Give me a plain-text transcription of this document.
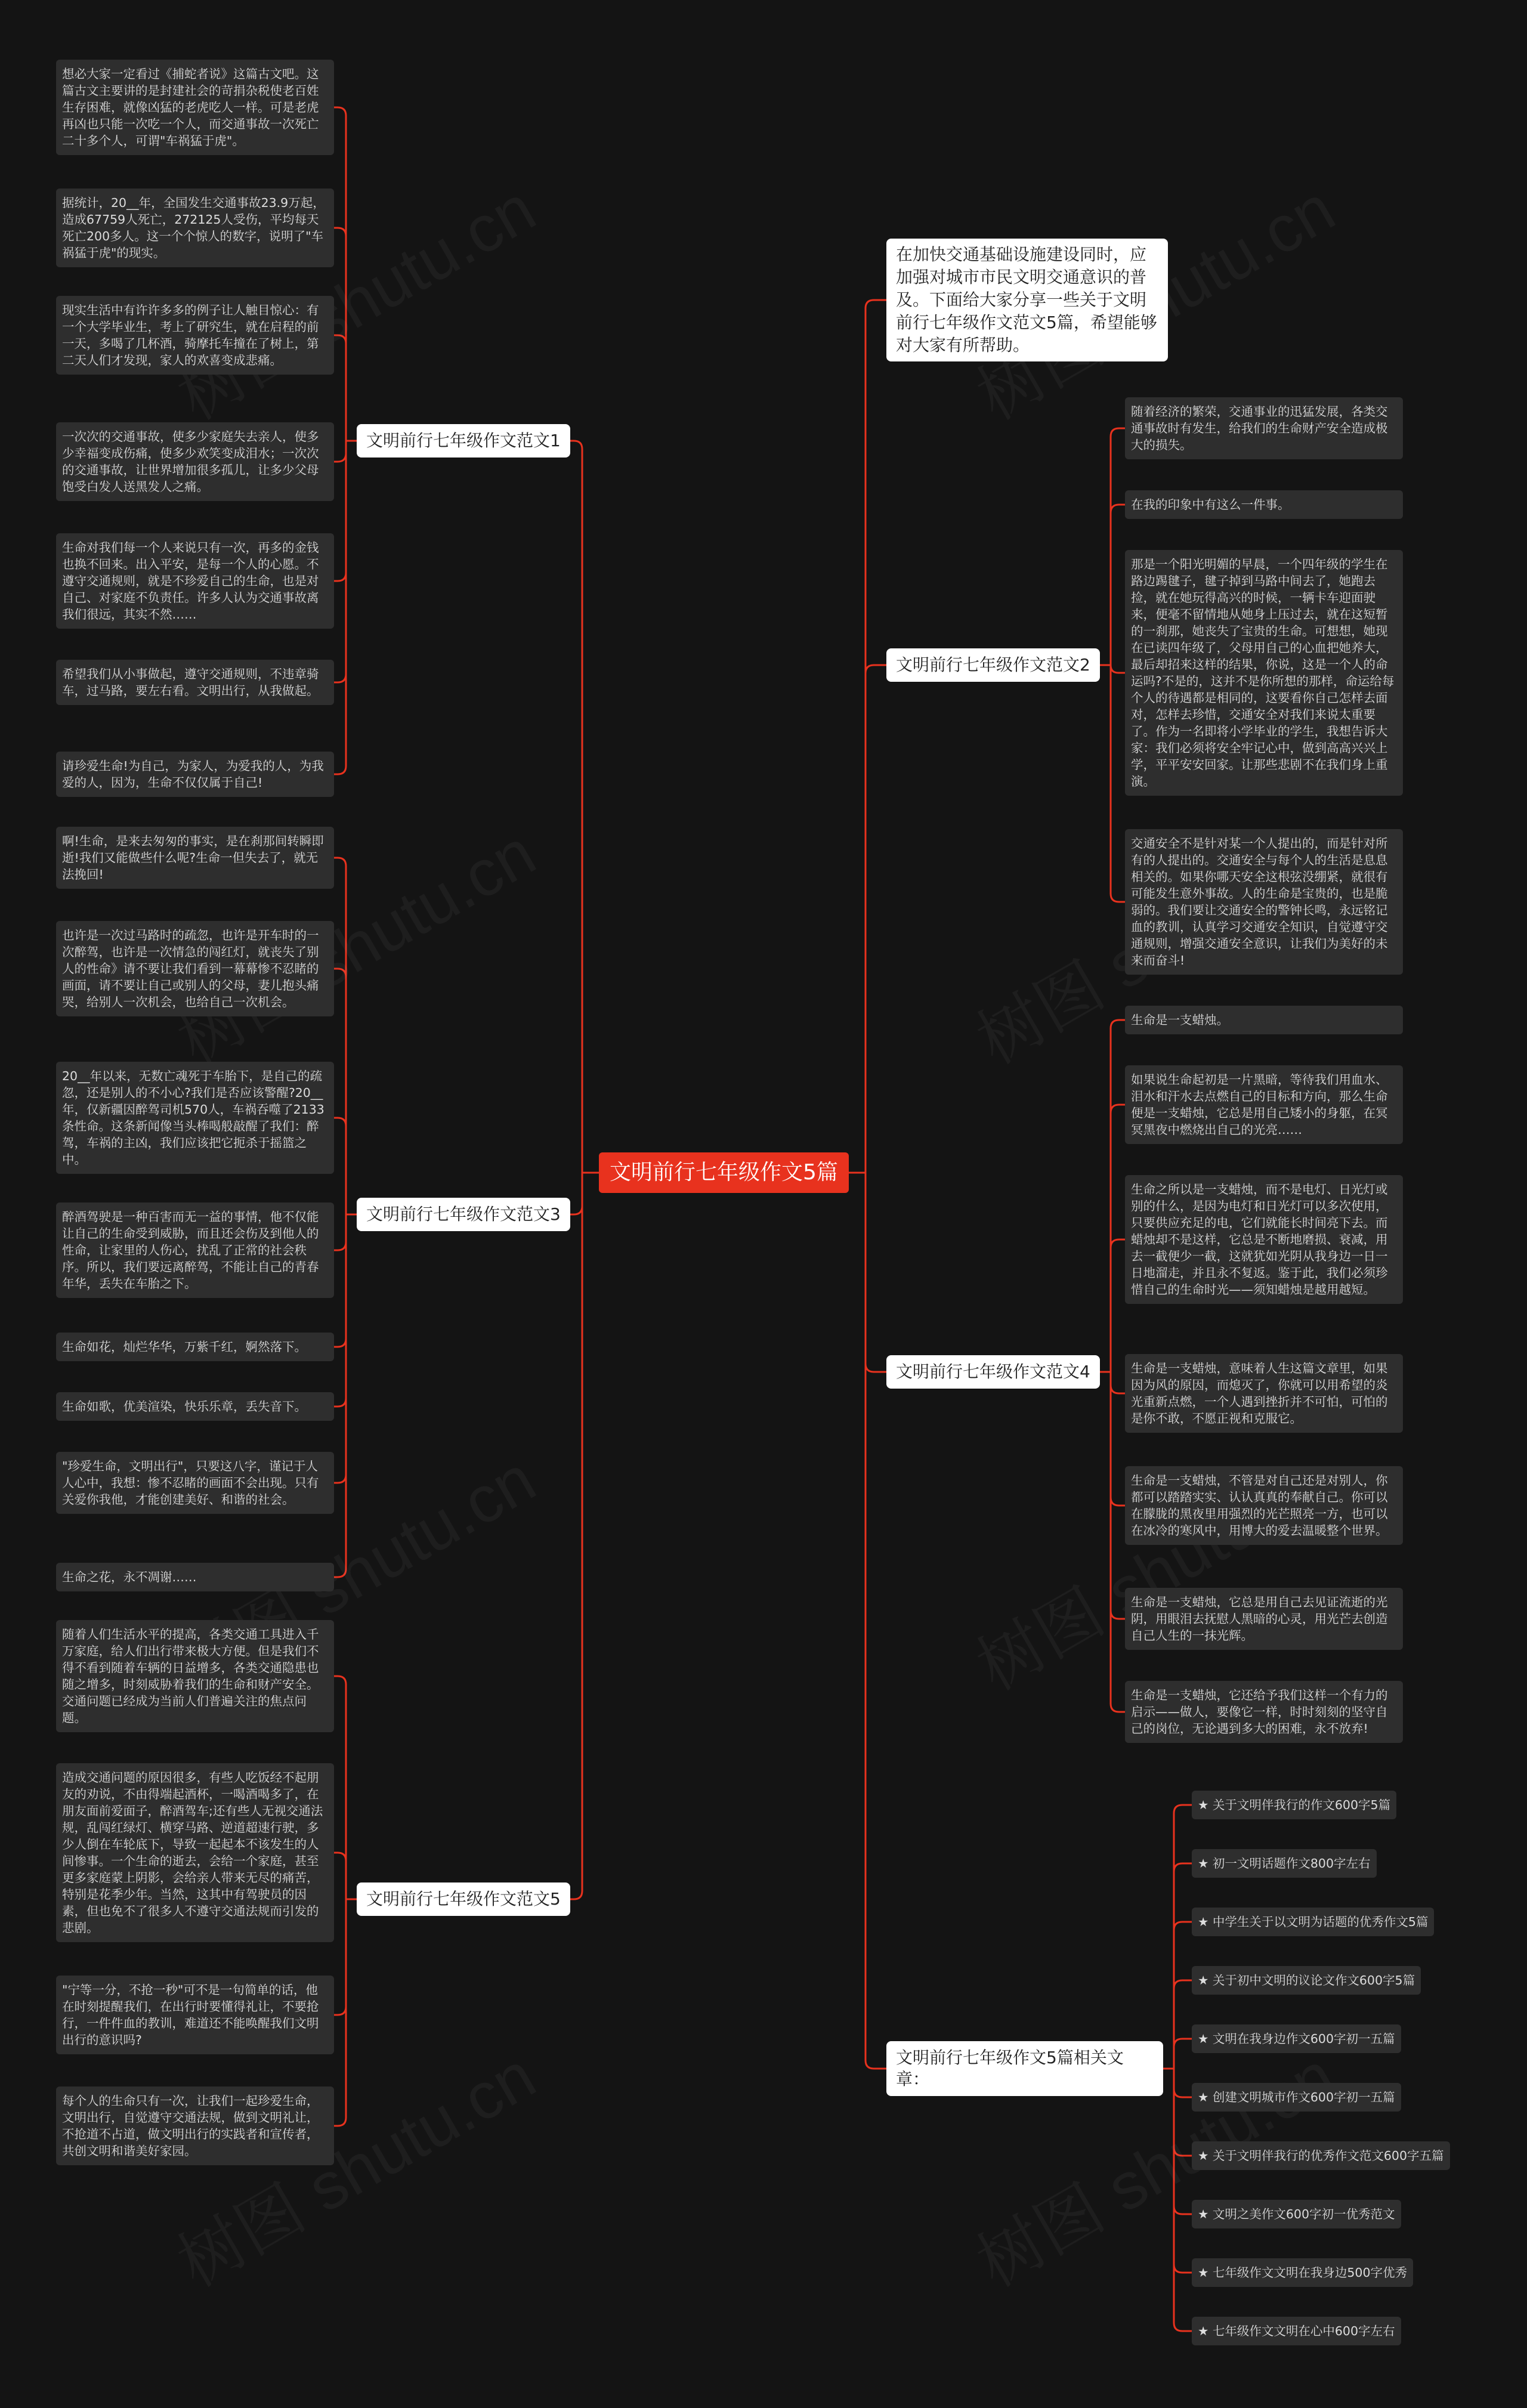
文明前行七年级作文5篇
在加快交通基础设施建设同时，应加强对城市市民文明交通意识的普及。下面给大家分享一些关于文明前行七年级作文范文5篇，希望能够对大家有所帮助。
文明前行七年级作文范文1
想必大家一定看过《捕蛇者说》这篇古文吧。这篇古文主要讲的是封建社会的苛捐杂税使老百姓生存困难，就像凶猛的老虎吃人一样。可是老虎再凶也只能一次吃一个人，而交通事故一次死亡二十多个人，可谓"车祸猛于虎"。
据统计，20__年，全国发生交通事故23.9万起，造成67759人死亡，272125人受伤，平均每天死亡200多人。这一个个惊人的数字，说明了"车祸猛于虎"的现实。
现实生活中有许许多多的例子让人触目惊心：有一个大学毕业生，考上了研究生，就在启程的前一天，多喝了几杯酒，骑摩托车撞在了树上，第二天人们才发现，家人的欢喜变成悲痛。
一次次的交通事故，使多少家庭失去亲人，使多少幸福变成伤痛，使多少欢笑变成泪水；一次次的交通事故，让世界增加很多孤儿，让多少父母饱受白发人送黑发人之痛。
生命对我们每一个人来说只有一次，再多的金钱也换不回来。出入平安，是每一个人的心愿。不遵守交通规则，就是不珍爱自己的生命，也是对自己、对家庭不负责任。许多人认为交通事故离我们很远，其实不然……
希望我们从小事做起，遵守交通规则，不违章骑车，过马路，要左右看。文明出行，从我做起。
请珍爱生命!为自己，为家人，为爱我的人，为我爱的人，因为，生命不仅仅属于自己!
文明前行七年级作文范文3
啊!生命，是来去匆匆的事实，是在刹那间转瞬即逝!我们又能做些什么呢?生命一但失去了，就无法挽回!
也许是一次过马路时的疏忽，也许是开车时的一次醉驾，也许是一次情急的闯红灯，就丧失了别人的性命》请不要让我们看到一幕幕惨不忍睹的画面，请不要让自己或别人的父母，妻儿抱头痛哭，给别人一次机会，也给自己一次机会。
20__年以来，无数亡魂死于车胎下，是自己的疏忽，还是别人的不小心?我们是否应该警醒?20__年，仅新疆因醉驾司机570人，车祸吞噬了2133条性命。这条新闻像当头棒喝般敲醒了我们：醉驾，车祸的主凶，我们应该把它扼杀于摇篮之中。
醉酒驾驶是一种百害而无一益的事情，他不仅能让自己的生命受到威胁，而且还会伤及到他人的性命，让家里的人伤心，扰乱了正常的社会秩序。所以，我们要远离醉驾，不能让自己的青春年华，丢失在车胎之下。
生命如花，灿烂华华，万紫千红，婀然落下。
生命如歌，优美渲染，快乐乐章，丢失音下。
"珍爱生命，文明出行"，只要这八字，谨记于人人心中，我想：惨不忍睹的画面不会出现。只有关爱你我他，才能创建美好、和谐的社会。
生命之花，永不凋谢……
文明前行七年级作文范文5
随着人们生活水平的提高，各类交通工具进入千万家庭，给人们出行带来极大方便。但是我们不得不看到随着车辆的日益增多，各类交通隐患也随之增多，时刻威胁着我们的生命和财产安全。交通问题已经成为当前人们普遍关注的焦点问题。
造成交通问题的原因很多，有些人吃饭经不起朋友的劝说，不由得端起酒杯，一喝酒喝多了，在朋友面前爱面子，醉酒驾车;还有些人无视交通法规，乱闯红绿灯、横穿马路、逆道超速行驶，多少人倒在车轮底下，导致一起起本不该发生的人间惨事。一个生命的逝去，会给一个家庭，甚至更多家庭蒙上阴影，会给亲人带来无尽的痛苦，特别是花季少年。当然，这其中有驾驶员的因素，但也免不了很多人不遵守交通法规而引发的悲剧。
"宁等一分，不抢一秒"可不是一句简单的话，他在时刻提醒我们，在出行时要懂得礼让，不要抢行，一件件血的教训，难道还不能唤醒我们文明出行的意识吗?
每个人的生命只有一次，让我们一起珍爱生命，文明出行，自觉遵守交通法规，做到文明礼让，不抢道不占道，做文明出行的实践者和宣传者，共创文明和谐美好家园。
文明前行七年级作文范文2
随着经济的繁荣，交通事业的迅猛发展，各类交通事故时有发生，给我们的生命财产安全造成极大的损失。
在我的印象中有这么一件事。
那是一个阳光明媚的早晨，一个四年级的学生在路边踢毽子，毽子掉到马路中间去了，她跑去捡，就在她玩得高兴的时候，一辆卡车迎面驶来，便毫不留情地从她身上压过去，就在这短暂的一刹那，她丧失了宝贵的生命。可想想，她现在已读四年级了，父母用自己的心血把她养大，最后却招来这样的结果，你说，这是一个人的命运吗?不是的，这并不是你所想的那样，命运给每个人的待遇都是相同的，这要看你自己怎样去面对，怎样去珍惜，交通安全对我们来说太重要了。作为一名即将小学毕业的学生，我想告诉大家：我们必须将安全牢记心中，做到高高兴兴上学，平平安安回家。让那些悲剧不在我们身上重演。
交通安全不是针对某一个人提出的，而是针对所有的人提出的。交通安全与每个人的生活是息息相关的。如果你哪天安全这根弦没绷紧，就很有可能发生意外事故。人的生命是宝贵的，也是脆弱的。我们要让交通安全的警钟长鸣，永远铭记血的教训，认真学习交通安全知识，自觉遵守交通规则，增强交通安全意识，让我们为美好的未来而奋斗!
文明前行七年级作文范文4
生命是一支蜡烛。
如果说生命起初是一片黑暗，等待我们用血水、泪水和汗水去点燃自己的目标和方向，那么生命便是一支蜡烛，它总是用自己矮小的身躯，在冥冥黑夜中燃烧出自己的光亮……
生命之所以是一支蜡烛，而不是电灯、日光灯或别的什么，是因为电灯和日光灯可以多次使用，只要供应充足的电，它们就能长时间亮下去。而蜡烛却不是这样，它总是不断地磨损、衰减，用去一截便少一截，这就犹如光阴从我身边一日一日地溜走，并且永不复返。鉴于此，我们必须珍惜自己的生命时光——须知蜡烛是越用越短。
生命是一支蜡烛，意味着人生这篇文章里，如果因为风的原因，而熄灭了，你就可以用希望的炎光重新点燃，一个人遇到挫折并不可怕，可怕的是你不敢，不愿正视和克服它。
生命是一支蜡烛，不管是对自己还是对别人，你都可以踏踏实实、认认真真的奉献自己。你可以在朦胧的黑夜里用强烈的光芒照亮一方，也可以在冰冷的寒风中，用博大的爱去温暖整个世界。
生命是一支蜡烛，它总是用自己去见证流逝的光阴，用眼泪去抚慰人黑暗的心灵，用光芒去创造自己人生的一抹光辉。
生命是一支蜡烛，它还给予我们这样一个有力的启示——做人，要像它一样，时时刻刻的坚守自己的岗位，无论遇到多大的困难，永不放弃!
文明前行七年级作文5篇相关文章：
★ 关于文明伴我行的作文600字5篇
★ 初一文明话题作文800字左右
★ 中学生关于以文明为话题的优秀作文5篇
★ 关于初中文明的议论文作文600字5篇
★ 文明在我身边作文600字初一五篇
★ 创建文明城市作文600字初一五篇
★ 关于文明伴我行的优秀作文范文600字五篇
★ 文明之美作文600字初一优秀范文
★ 七年级作文文明在我身边500字优秀
★ 七年级作文文明在心中600字左右
